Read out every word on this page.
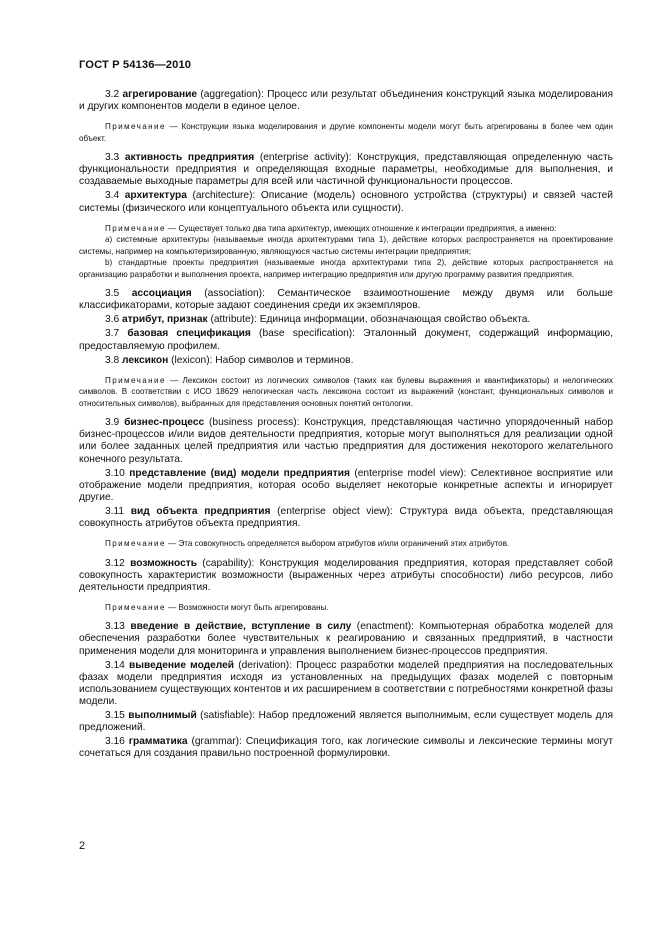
ГОСТ Р 54136—2010

3.2 агрегирование (aggregation): Процесс или результат объединения конструкций языка моделирования и других компонентов модели в единое целое.

Примечание — Конструкции языка моделирования и другие компоненты модели могут быть агрегированы в более чем один объект.

3.3 активность предприятия (enterprise activity): Конструкция, представляющая определенную часть функциональности предприятия и определяющая входные параметры, необходимые для выполнения, и создаваемые выходные параметры для всей или частичной функциональности процессов.

3.4 архитектура (architecture): Описание (модель) основного устройства (структуры) и связей частей системы (физического или концептуального объекта или сущности).

Примечание — Существует только два типа архитектур, имеющих отношение к интеграции предприятия, а именно:

а) системные архитектуры (называемые иногда архитектурами типа 1), действие которых распространяется на проектирование системы, например на компьютеризированную, являющуюся частью системы интеграции предприятия;

b) стандартные проекты предприятия (называемые иногда архитектурами типа 2), действие которых распространяется на организацию разработки и выполнения проекта, например интеграцию предприятия или другую программу развития предприятия.

3.5 ассоциация (association): Семантическое взаимоотношение между двумя или больше классификаторами, которые задают соединения среди их экземпляров.

3.6 атрибут, признак (attribute): Единица информации, обозначающая свойство объекта.

3.7 базовая спецификация (base specification): Эталонный документ, содержащий информацию, предоставляемую профилем.

3.8 лексикон (lexicon): Набор символов и терминов.

Примечание — Лексикон состоит из логических символов (таких как булевы выражения и квантификаторы) и нелогических символов. В соответствии с ИСО 18629 нелогическая часть лексикона состоит из выражений (констант, функциональных символов и относительных символов), выбранных для представления основных понятий онтологии.

3.9 бизнес-процесс (business process): Конструкция, представляющая частично упорядоченный набор бизнес-процессов и/или видов деятельности предприятия, которые могут выполняться для реализации одной или более заданных целей предприятия или частью предприятия для достижения некоторого желательного конечного результата.

3.10 представление (вид) модели предприятия (enterprise model view): Селективное восприятие или отображение модели предприятия, которая особо выделяет некоторые конкретные аспекты и игнорирует другие.

3.11 вид объекта предприятия (enterprise object view): Структура вида объекта, представляющая совокупность атрибутов объекта предприятия.

Примечание — Эта совокупность определяется выбором атрибутов и/или ограничений этих атрибутов.

3.12 возможность (capability): Конструкция моделирования предприятия, которая представляет собой совокупность характеристик возможности (выраженных через атрибуты способности) либо ресурсов, либо деятельности предприятия.

Примечание — Возможности могут быть агрегированы.

3.13 введение в действие, вступление в силу (enactment): Компьютерная обработка моделей для обеспечения разработки более чувствительных к реагированию и связанных предприятий, в частности применения модели для мониторинга и управления выполнением бизнес-процессов предприятия.

3.14 выведение моделей (derivation): Процесс разработки моделей предприятия на последовательных фазах модели предприятия исходя из установленных на предыдущих фазах моделей с повторным использованием существующих контентов и их расширением в соответствии с потребностями конкретной фазы модели.

3.15 выполнимый (satisfiable): Набор предложений является выполнимым, если существует модель для предложений.

3.16 грамматика (grammar): Спецификация того, как логические символы и лексические термины могут сочетаться для создания правильно построенной формулировки.

2
